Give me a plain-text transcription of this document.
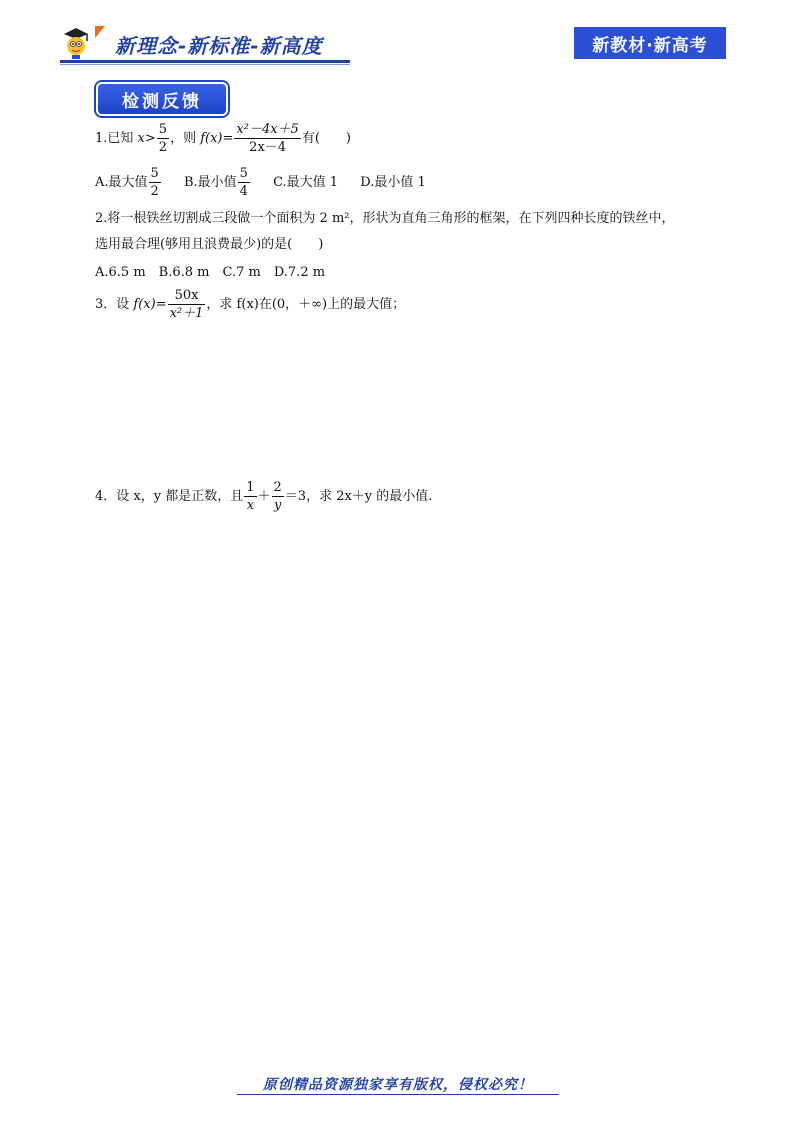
新理念-新标准-新高度	新教材·新高考
检测反馈
1.已知 $x> \frac{5}{2}$ ，则 $f(x)= \frac{\text{x²－4x＋5}}{2x-4}$ 有(　　)
A.最大值 $\frac{5}{2} B$.最小值 $\frac{5}{4} C$.最大值 1 D.最小值 1
2.将一根铁丝切割成三段做一个面积为 2 m²，形状为直角三角形的框架，在下列四种长度的铁丝中，
选用最合理(够用且浪费最少)的是(　　)
A.6.5 m　B.6.8 m　C.7 m　D.7.2 m
3．设 $f(x)= \frac{50x}{\text{x²＋1}}$ ，求 f(x)在(0，＋∞)上的最大值；
4．设 x，y 都是正数，且 $\frac{1}{x} + \frac{2}{y} =3$，求 2x＋y 的最小值.
原创精品资源独家享有版权，侵权必究！
